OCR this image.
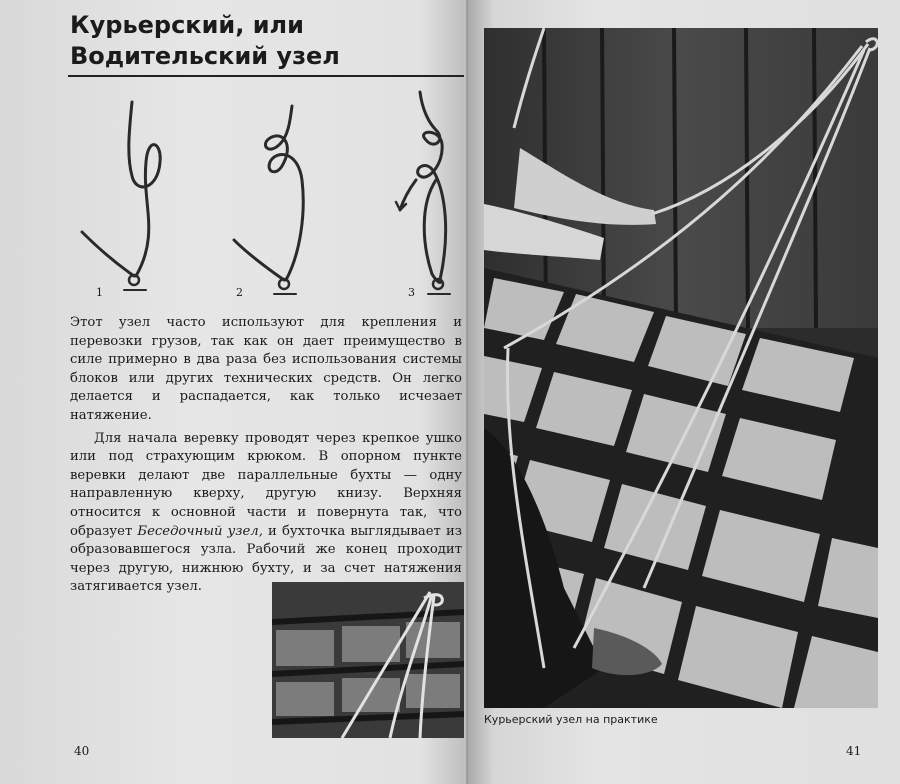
Курьерский, или
Водительский узел
1	2	3

Этот узел часто используют для крепления и перевозки грузов, так как он дает преимущество в силе примерно в два раза без использования системы блоков или других технических средств. Он легко делается и распадается, как только исчезает натяжение.

Для начала веревку проводят через крепкое ушко или под страхующим крюком. В опорном пункте веревки делают две параллельные бухты — одну направленную кверху, другую книзу. Верхняя относится к основной части и повернута так, что образует Беседочный узел, и бухточка выглядывает из образовавшегося узла. Рабочий же конец проходит через другую, нижнюю бухту, и за счет натяжения затягивается узел.

40
Курьерский узел на практике
41
